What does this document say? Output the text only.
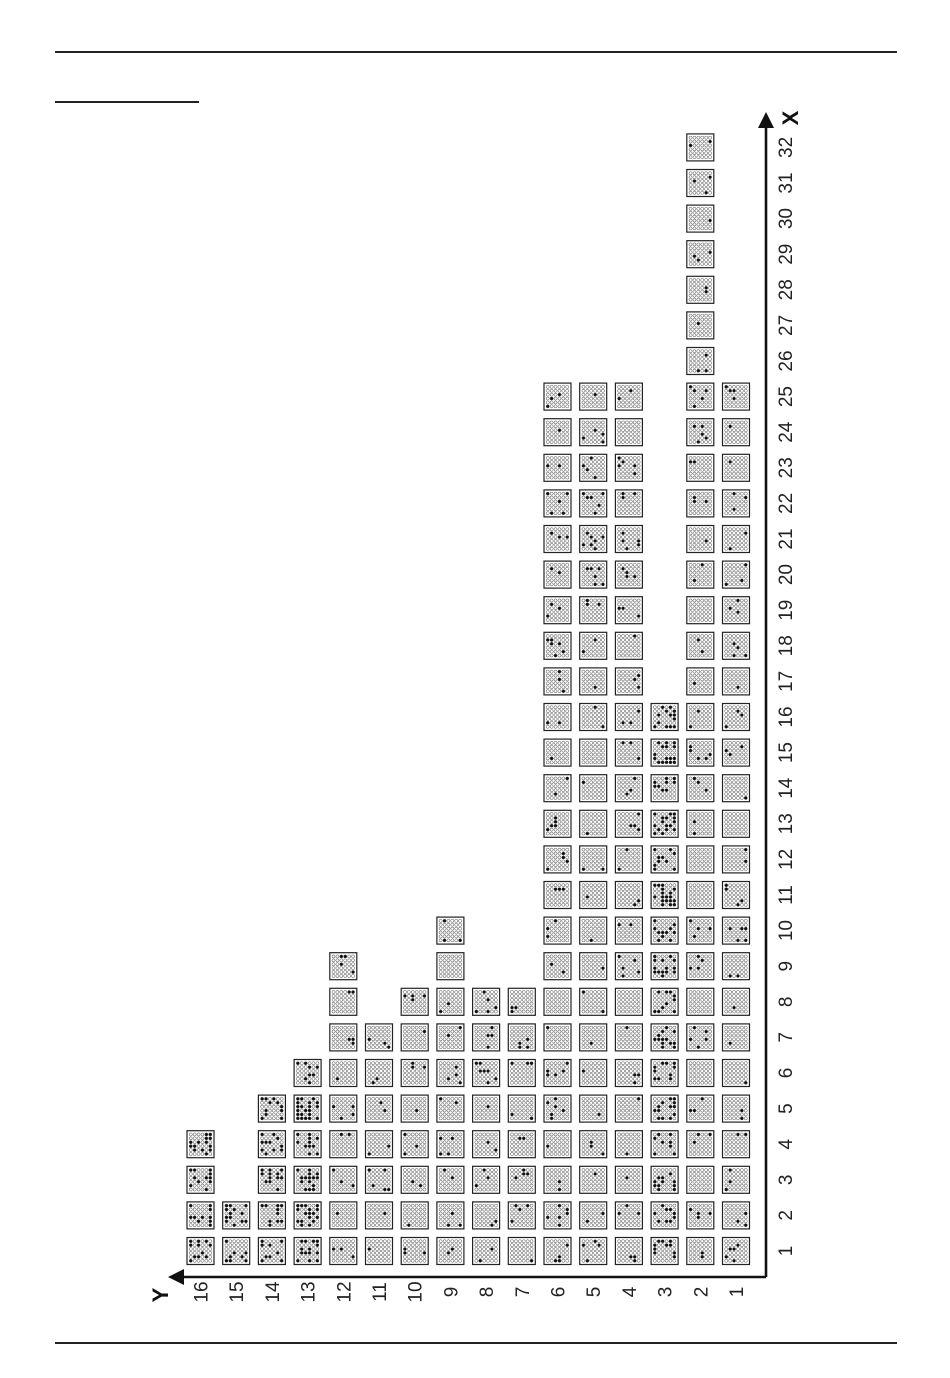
X
Y
1
2
3
4
5
6
7
8
9
10
11
12
13
14
15
16
17
18
19
20
21
22
23
24
25
26
27
28
29
30
31
32
16 15 14 13 12 11 10 9 8 7 6 5 4 3 2 1
